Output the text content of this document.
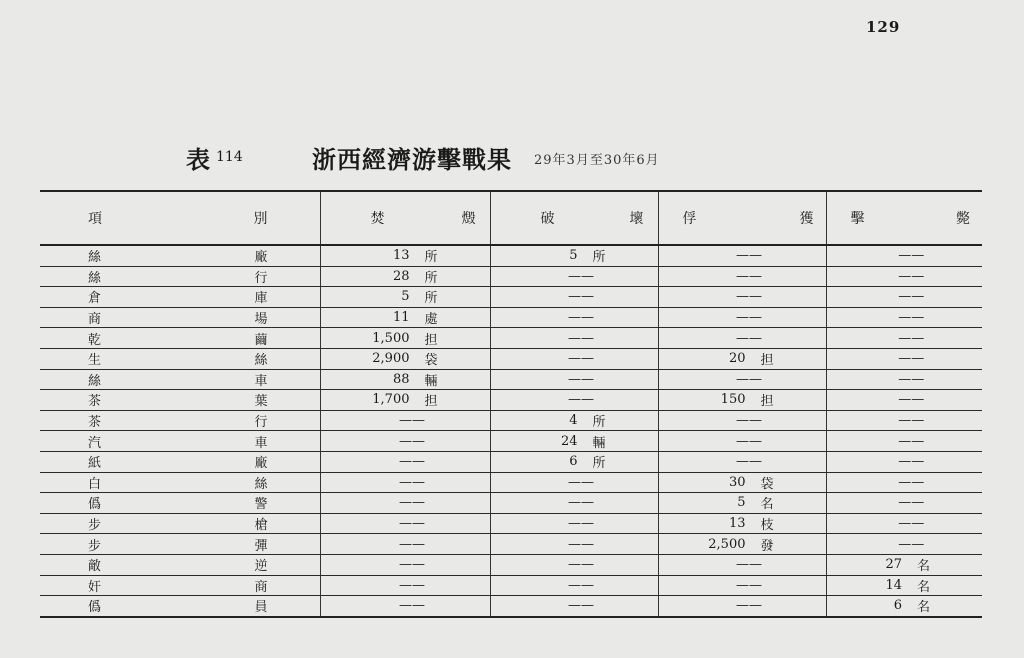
129
表 114	浙西經濟游擊戰果 29年3月至30年6月
項 別	焚 燬	破 壞	俘 獲	擊 斃

絲 廠	13 所	5 所	——	——

絲 行	28 所	——	——	——

倉 庫	5 所	——	——	——

商 場	11 處	——	——	——

乾 繭	1,500 担	——	——	——

生 絲	2,900 袋	——	20 担	——

絲 車	88 輛	——	——	——

茶 葉	1,700 担	——	150 担	——

茶 行	——	4 所	——	——

汽 車	——	24 輛	——	——

紙 廠	——	6 所	——	——

白 絲	——	——	30 袋	——

僞 警	——	——	5 名	——

步 槍	——	——	13 枝	——

步 彈	——	——	2,500 發	——

敵 逆	——	——	——	27 名

奸 商	——	——	——	14 名

僞 員	——	——	——	6 名
